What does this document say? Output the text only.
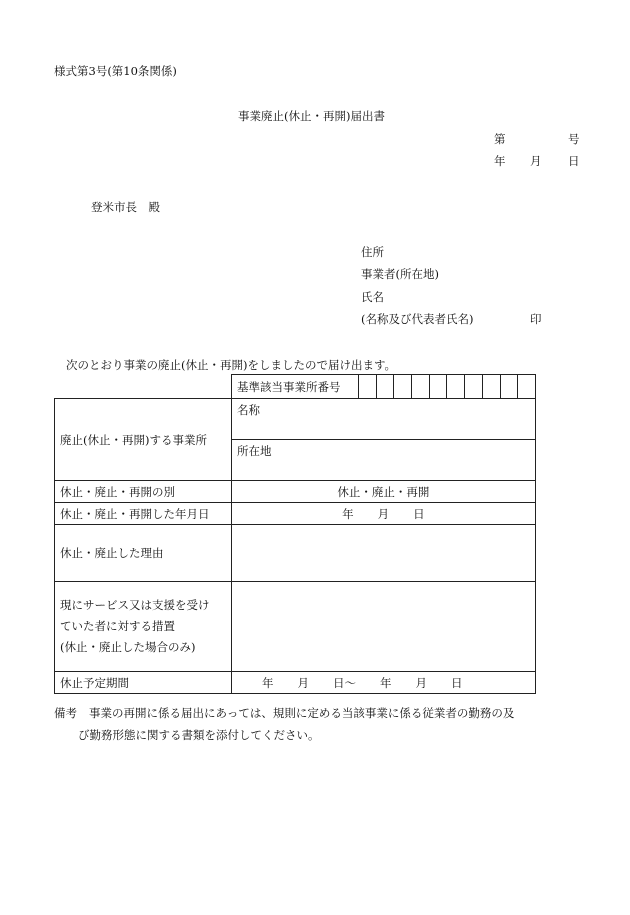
様式第3号(第10条関係)
事業廃止(休止・再開)届出書
第	号
年 月 日
登米市長　殿
住所
事業者(所在地)
氏名
(名称及び代表者氏名)	印
次のとおり事業の廃止(休止・再開)をしましたので届け出ます。
	基準該当事業所番号	

廃止(休止・再開)する事業所	名称										
	所在地										
休止・廃止・再開の別	休止・廃止・再開										
休止・廃止・再開した年月日	年 月 日										
休止・廃止した理由											

現にサービス又は支援を受け
ていた者に対する措置
(休止・廃止した場合のみ)											

休止予定期間	年 月 日〜 年 月 日										
備考 事業の再開に係る届出にあっては、規則に定める当該事業に係る従業者の勤務の及
び勤務形態に関する書類を添付してください。
